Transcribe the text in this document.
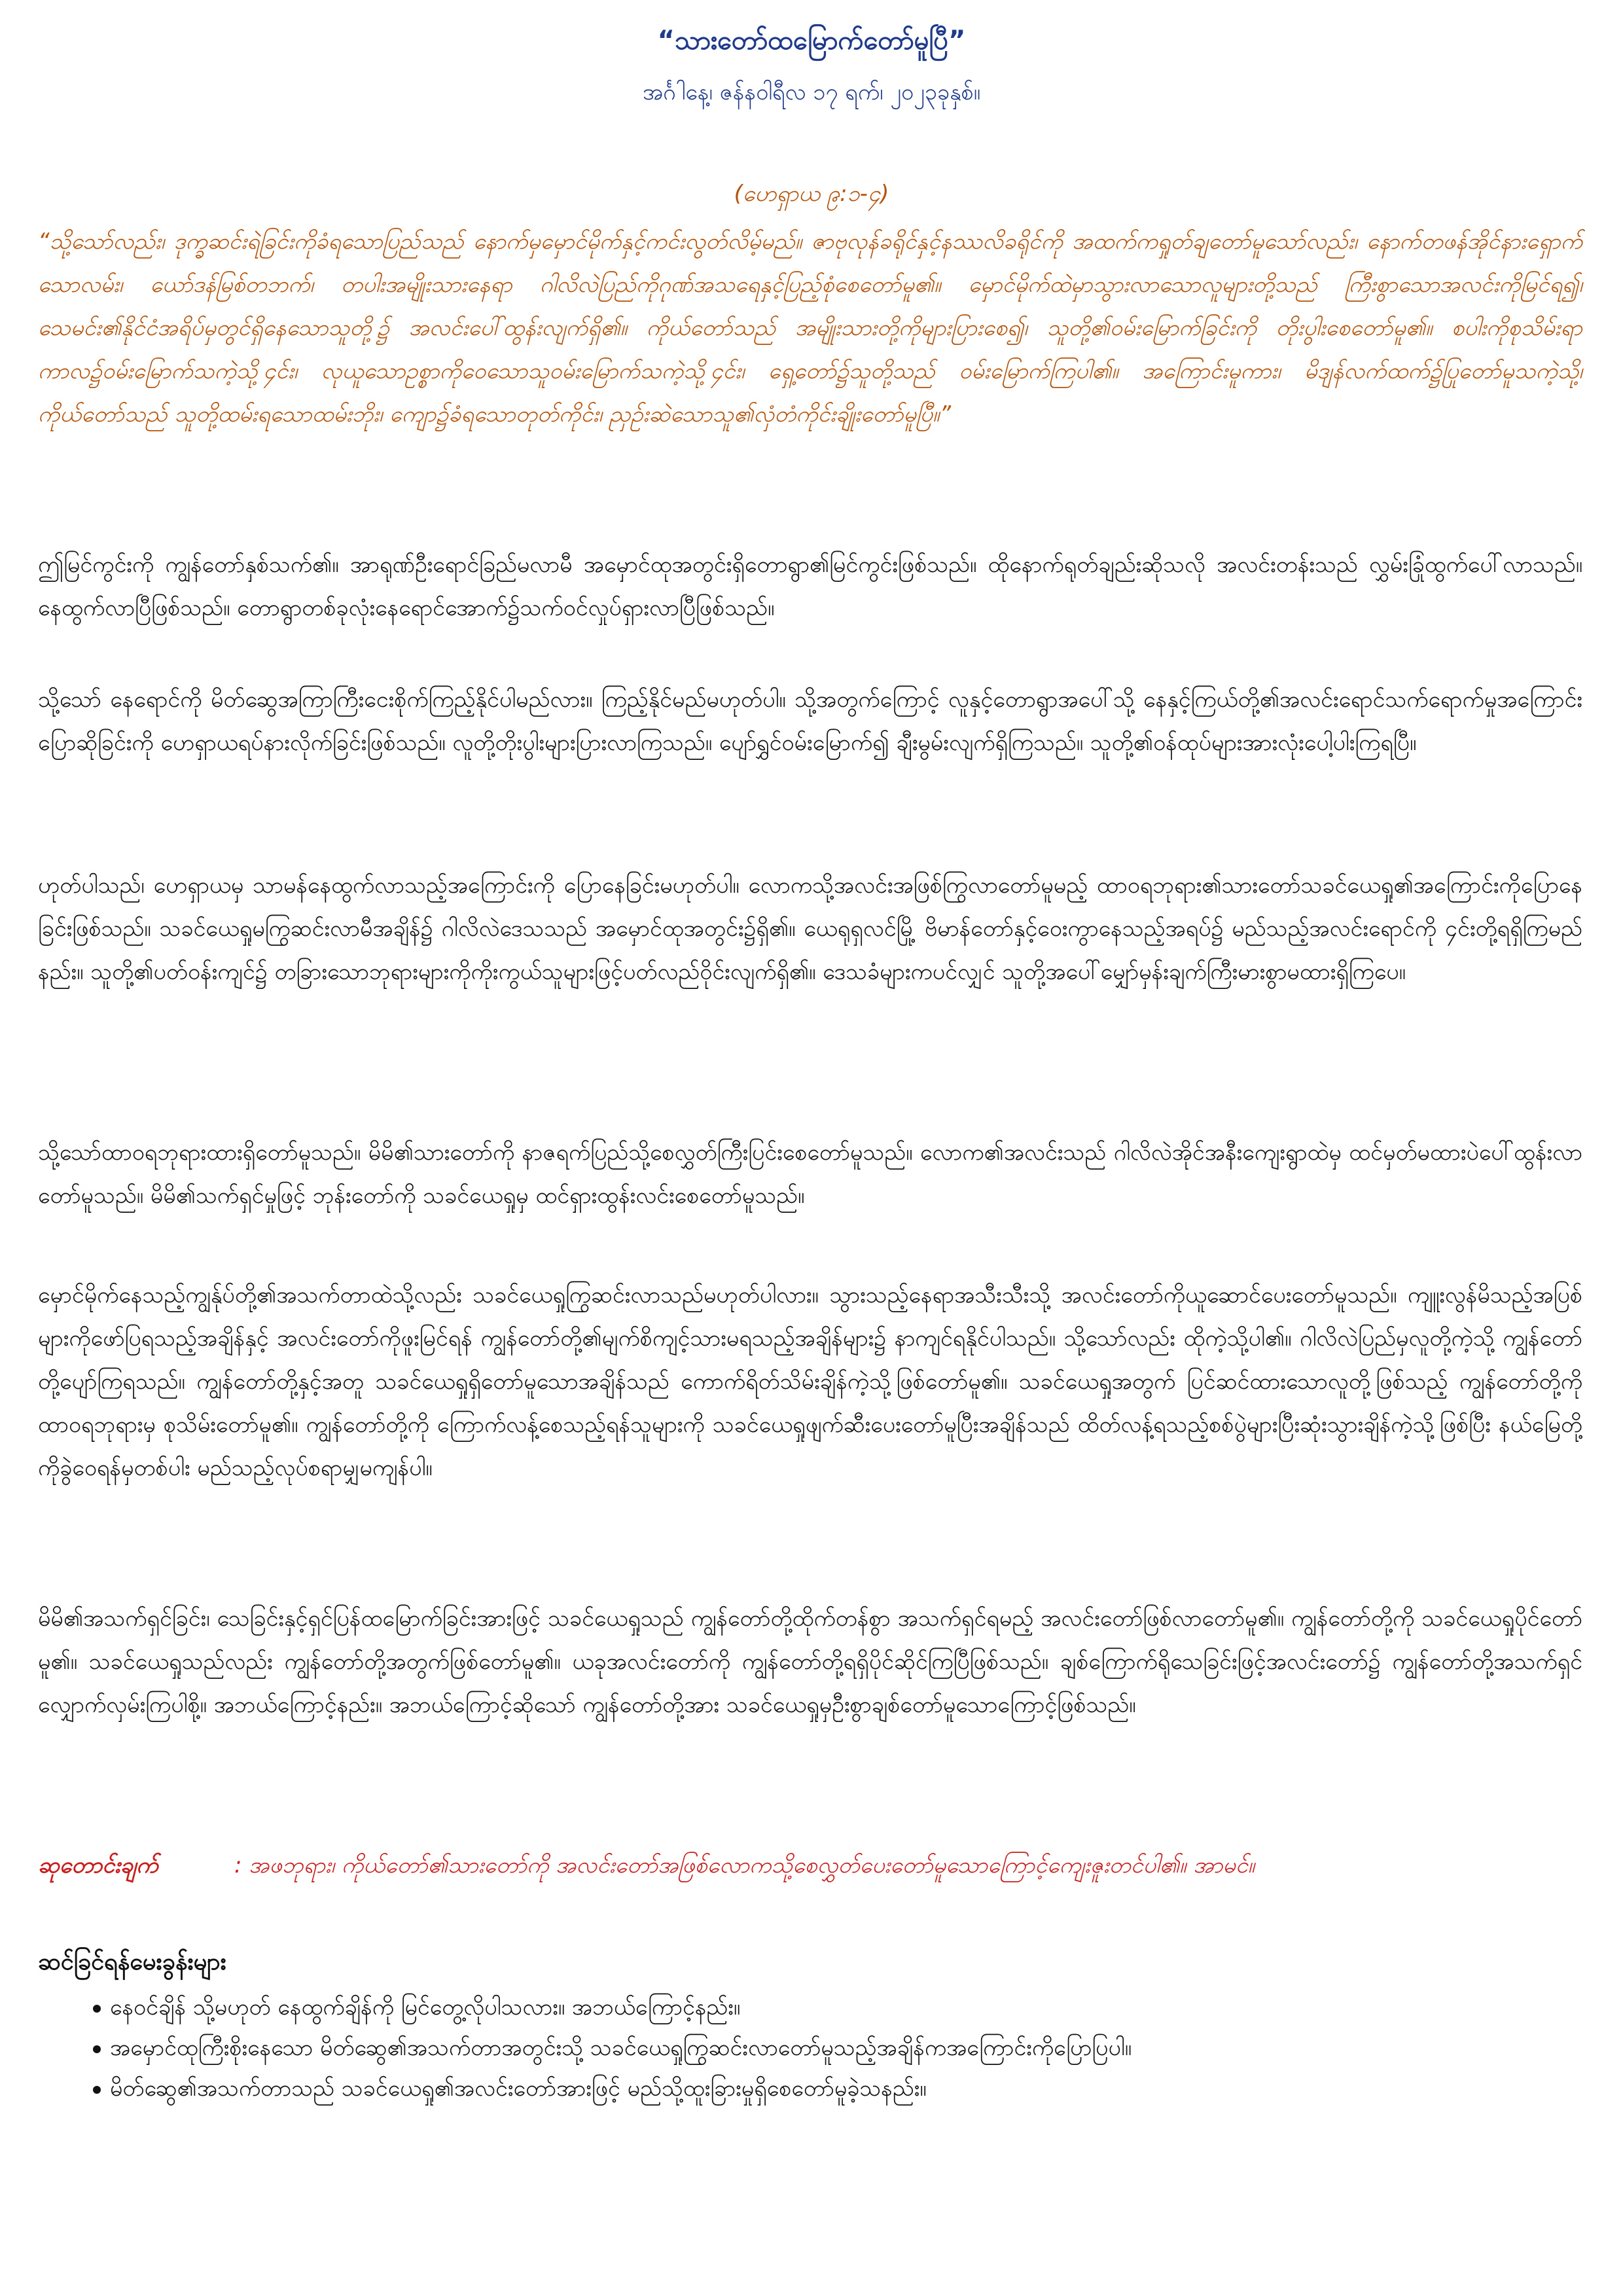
“သားတော်ထမြောက်တော်မူပြီ”
အင်္ဂါနေ့၊ ဇန်နဝါရီလ ၁၇ ရက်၊ ၂၀၂၃ခုနှစ်။
(ဟေရှာယ ၉:၁-၄)

“သို့သော်လည်း၊ ဒုက္ခဆင်းရဲခြင်းကိုခံရသောပြည်သည် နောက်မှမှောင်မိုက်နှင့်ကင်းလွတ်လိမ့်မည်။ ဇာဗုလုန်ခရိုင်နှင့်နဿလိခရိုင်ကို အထက်ကရှုတ်ချတော်မူသော်လည်း၊ နောက်တဖန်အိုင်နားရှောက်သောလမ်း၊ ယော်ဒန်မြစ်တဘက်၊ တပါးအမျိုးသားနေရာ ဂါလိလဲပြည်ကိုဂုဏ်အသရေနှင့်ပြည့်စုံစေတော်မူ၏။ မှောင်မိုက်ထဲမှာသွားလာသောလူများတို့သည် ကြီးစွာသောအလင်းကိုမြင်ရ၍၊ သေမင်း၏နိုင်ငံအရိပ်မှတွင်ရှိနေသောသူတို့၌ အလင်းပေါ်ထွန်းလျက်ရှိ၏။ ကိုယ်တော်သည် အမျိုးသားတို့ကိုများပြားစေ၍၊ သူတို့၏ဝမ်းမြောက်ခြင်းကို တိုးပွါးစေတော်မူ၏။ စပါးကိုစုသိမ်းရာကာလ၌ဝမ်းမြောက်သကဲ့သို့၄င်း၊ လုယူသောဥစ္စာကိုဝေသောသူဝမ်းမြောက်သကဲ့သို့၄င်း၊ ရှေ့တော်၌သူတို့သည် ဝမ်းမြောက်ကြပါ၏။ အကြောင်းမူကား၊ မိဒျန်လက်ထက်၌ပြုတော်မူသကဲ့သို့၊ ကိုယ်တော်သည် သူတို့ထမ်းရသောထမ်းဘိုး၊ ကျော၌ခံရသောတုတ်ကိုင်း၊ ညှဉ်းဆဲသောသူ၏လှံတံကိုင်းချိုးတော်မူပြီ။”

ဤမြင်ကွင်းကို ကျွန်တော်နှစ်သက်၏။ အာရုဏ်ဦးရောင်ခြည်မလာမီ အမှောင်ထုအတွင်းရှိတောရွာ၏မြင်ကွင်းဖြစ်သည်။ ထိုနောက်ရုတ်ချည်းဆိုသလို အလင်းတန်းသည် လွှမ်းခြုံထွက်ပေါ်လာသည်။ နေထွက်လာပြီဖြစ်သည်။ တောရွာတစ်ခုလုံးနေရောင်အောက်၌သက်ဝင်လှုပ်ရှားလာပြီဖြစ်သည်။

သို့သော် နေရောင်ကို မိတ်ဆွေအကြာကြီးငေးစိုက်ကြည့်နိုင်ပါမည်လား။ ကြည့်နိုင်မည်မဟုတ်ပါ။ သို့အတွက်ကြောင့် လူနှင့်တောရွာအပေါ်သို့ နေနှင့်ကြယ်တို့၏အလင်းရောင်သက်ရောက်မှုအကြောင်းပြောဆိုခြင်းကို ဟေရှာယရပ်နားလိုက်ခြင်းဖြစ်သည်။ လူတို့တိုးပွါးများပြားလာကြသည်။ ပျော်ရွှင်ဝမ်းမြောက်၍ ချီးမွမ်းလျက်ရှိကြသည်။ သူတို့၏ဝန်ထုပ်များအားလုံးပေါ့ပါးကြရပြီ။

ဟုတ်ပါသည်၊ ဟေရှာယမှ သာမန်နေထွက်လာသည့်အကြောင်းကို ပြောနေခြင်းမဟုတ်ပါ။ လောကသို့အလင်းအဖြစ်ကြွလာတော်မူမည့် ထာဝရဘုရား၏သားတော်သခင်ယေရှု၏အကြောင်းကိုပြောနေခြင်းဖြစ်သည်။ သခင်ယေရှုမကြွဆင်းလာမီအချိန်၌ ဂါလိလဲဒေသသည် အမှောင်ထုအတွင်း၌ရှိ၏။ ယေရုရှလင်မြို့ ဗိမာန်တော်နှင့်ဝေးကွာနေသည့်အရပ်၌ မည်သည့်အလင်းရောင်ကို ၄င်းတို့ရရှိကြမည်နည်း။ သူတို့၏ပတ်ဝန်းကျင်၌ တခြားသောဘုရားများကိုကိုးကွယ်သူများဖြင့်ပတ်လည်ဝိုင်းလျက်ရှိ၏။ ဒေသခံများကပင်လျှင် သူတို့အပေါ်မျှော်မှန်းချက်ကြီးမားစွာမထားရှိကြပေ။

သို့သော်ထာဝရဘုရားထားရှိတော်မူသည်။ မိမိ၏သားတော်ကို နာဇရက်ပြည်သို့စေလွှတ်ကြီးပြင်းစေတော်မူသည်။ လောက၏အလင်းသည် ဂါလိလဲအိုင်အနီးကျေးရွာထဲမှ ထင်မှတ်မထားပဲပေါ်ထွန်းလာတော်မူသည်။ မိမိ၏သက်ရှင်မှုဖြင့် ဘုန်းတော်ကို သခင်ယေရှုမှ ထင်ရှားထွန်းလင်းစေတော်မူသည်။

မှောင်မိုက်နေသည့်ကျွန်ုပ်တို့၏အသက်တာထဲသို့လည်း သခင်ယေရှုကြွဆင်းလာသည်မဟုတ်ပါလား။ သွားသည့်နေရာအသီးသီးသို့ အလင်းတော်ကိုယူဆောင်ပေးတော်မူသည်။ ကျူးလွန်မိသည့်အပြစ်များကိုဖော်ပြရသည့်အချိန်နှင့် အလင်းတော်ကိုဖူးမြင်ရန် ကျွန်တော်တို့၏မျက်စိကျင့်သားမရသည့်အချိန်များ၌ နာကျင်ရနိုင်ပါသည်။ သို့သော်လည်း ထိုကဲ့သို့ပါ၏။ ဂါလိလဲပြည်မှလူတို့ကဲ့သို့ ကျွန်တော်တို့ပျော်ကြရသည်။ ကျွန်တော်တို့နှင့်အတူ သခင်ယေရှုရှိတော်မူသောအချိန်သည် ကောက်ရိတ်သိမ်းချိန်ကဲ့သို့ဖြစ်တော်မူ၏။ သခင်ယေရှုအတွက် ပြင်ဆင်ထားသောလူတို့ဖြစ်သည့် ကျွန်တော်တို့ကို ထာဝရဘုရားမှ စုသိမ်းတော်မူ၏။ ကျွန်တော်တို့ကို ကြောက်လန့်စေသည့်ရန်သူများကို သခင်ယေရှုဖျက်ဆီးပေးတော်မူပြီးအချိန်သည် ထိတ်လန့်ရသည့်စစ်ပွဲများပြီးဆုံးသွားချိန်ကဲ့သို့ဖြစ်ပြီး နယ်မြေတို့ကိုခွဲဝေရန်မှတစ်ပါး မည်သည့်လုပ်စရာမျှမကျန်ပါ။

မိမိ၏အသက်ရှင်ခြင်း၊ သေခြင်းနှင့်ရှင်ပြန်ထမြောက်ခြင်းအားဖြင့် သခင်ယေရှုသည် ကျွန်တော်တို့ထိုက်တန်စွာ အသက်ရှင်ရမည့် အလင်းတော်ဖြစ်လာတော်မူ၏။ ကျွန်တော်တို့ကို သခင်ယေရှုပိုင်တော်မူ၏။ သခင်ယေရှုသည်လည်း ကျွန်တော်တို့အတွက်ဖြစ်တော်မူ၏။ ယခုအလင်းတော်ကို ကျွန်တော်တို့ရရှိပိုင်ဆိုင်ကြပြီဖြစ်သည်။ ချစ်ကြောက်ရိုသေခြင်းဖြင့်အလင်းတော်၌ ကျွန်တော်တို့အသက်ရှင်လျှောက်လှမ်းကြပါစို့။ အဘယ်ကြောင့်နည်း။ အဘယ်ကြောင့်ဆိုသော် ကျွန်တော်တို့အား သခင်ယေရှုမှဦးစွာချစ်တော်မူသောကြောင့်ဖြစ်သည်။

ဆုတောင်းချက်	: အဖဘုရား၊ ကိုယ်တော်၏သားတော်ကို အလင်းတော်အဖြစ်လောကသို့စေလွှတ်ပေးတော်မူသောကြောင့်ကျေးဇူးတင်ပါ၏။ အာမင်။
ဆင်ခြင်ရန်မေးခွန်းများ
နေဝင်ချိန် သို့မဟုတ် နေထွက်ချိန်ကို မြင်တွေ့လိုပါသလား။ အဘယ်ကြောင့်နည်း။
အမှောင်ထုကြီးစိုးနေသော မိတ်ဆွေ၏အသက်တာအတွင်းသို့ သခင်ယေရှုကြွဆင်းလာတော်မူသည့်အချိန်ကအကြောင်းကိုပြောပြပါ။
မိတ်ဆွေ၏အသက်တာသည် သခင်ယေရှု၏အလင်းတော်အားဖြင့် မည်သို့ထူးခြားမှုရှိစေတော်မူခဲ့သနည်း။
